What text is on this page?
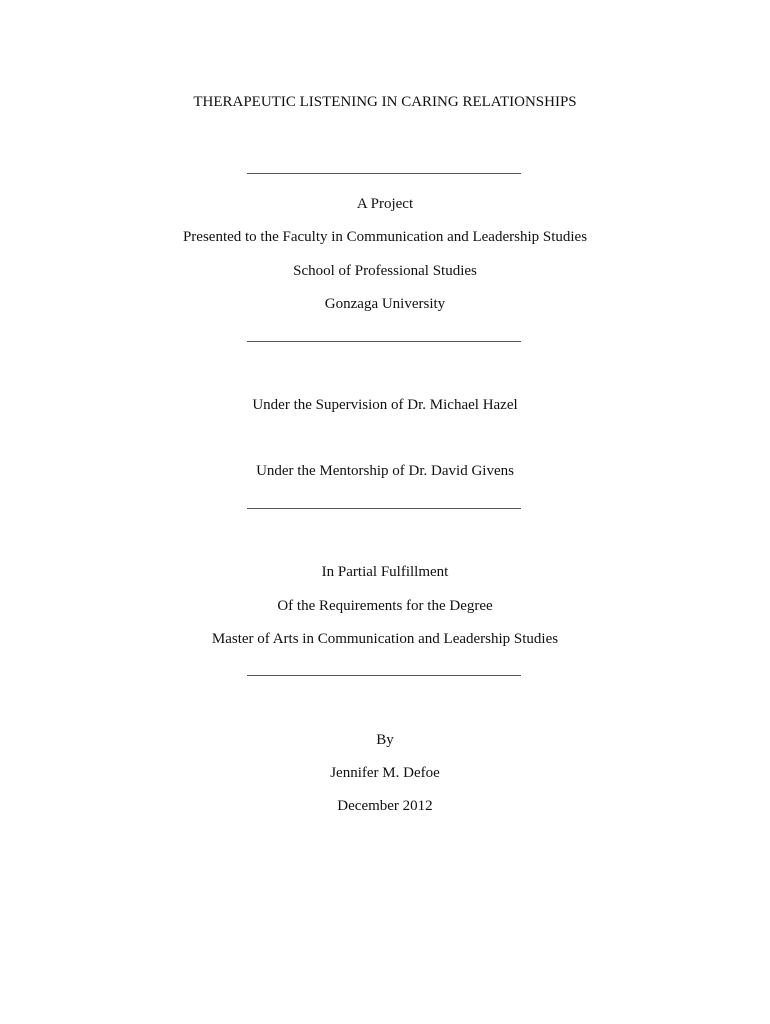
THERAPEUTIC LISTENING IN CARING RELATIONSHIPS
A Project
Presented to the Faculty in Communication and Leadership Studies
School of Professional Studies
Gonzaga University
Under the Supervision of Dr. Michael Hazel
Under the Mentorship of Dr. David Givens
In Partial Fulfillment
Of the Requirements for the Degree
Master of Arts in Communication and Leadership Studies
By
Jennifer M. Defoe
December 2012
